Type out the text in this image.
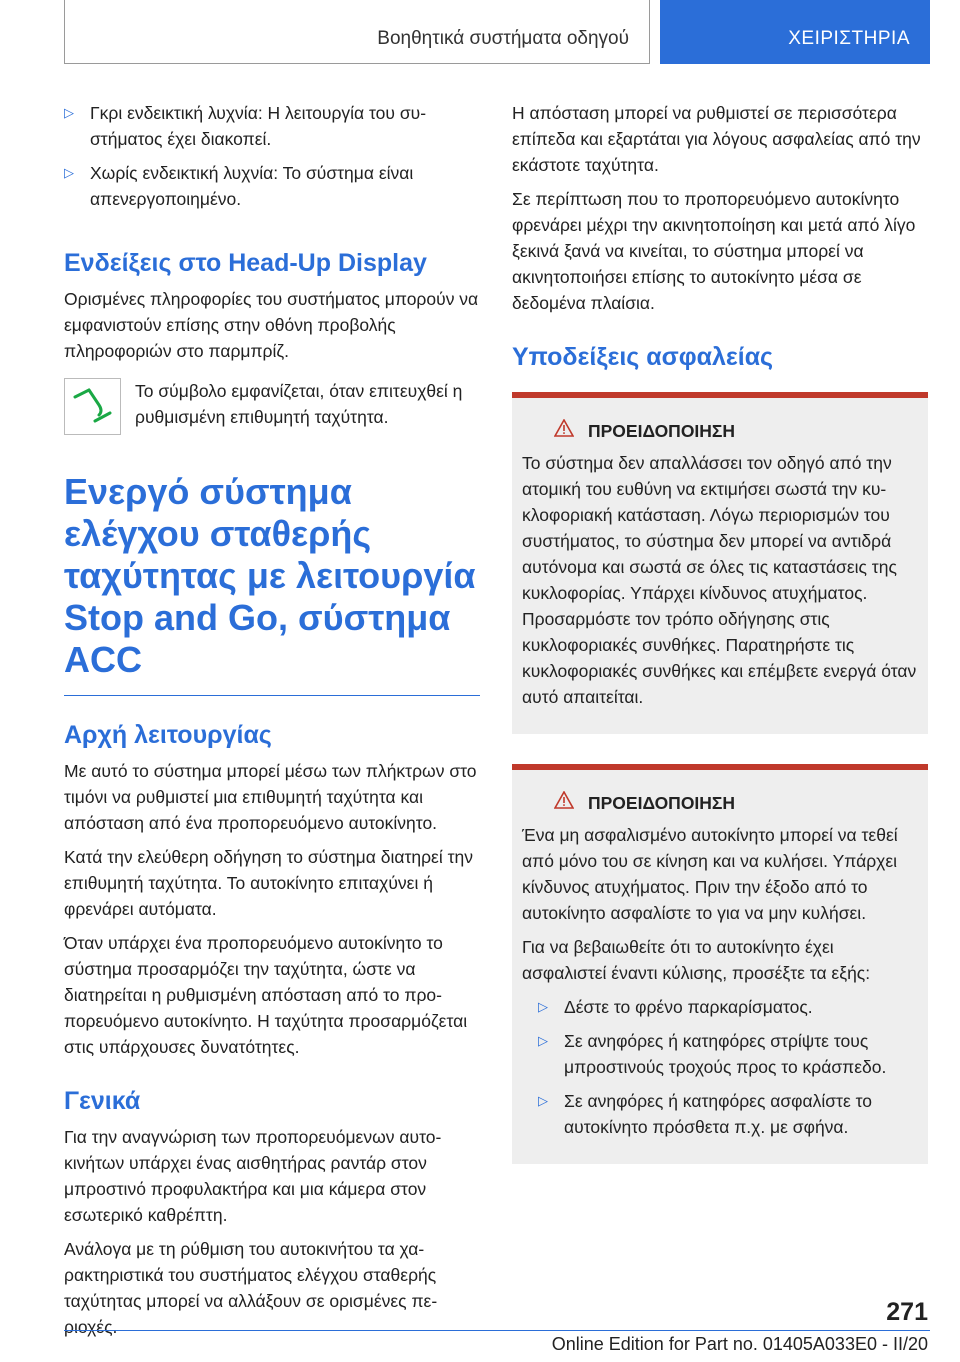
Βοηθητικά συστήματα οδηγού	ΧΕΙΡΙΣΤΗΡΙΑ
▷ Γκρι ενδεικτική λυχνία: Η λειτουργία του συστήματος έχει διακοπεί.
▷ Χωρίς ενδεικτική λυχνία: Το σύστημα είναι απενεργοποιημένο.
Ενδείξεις στο Head-Up Display

Ορισμένες πληροφορίες του συστήματος μπορούν να εμφανιστούν επίσης στην οθόνη προβολής πληροφοριών στο παρμπρίζ.

Το σύμβολο εμφανίζεται, όταν επιτευχθεί η ρυθμισμένη επιθυμητή ταχύτητα.
Ενεργό σύστημα ελέγχου σταθερής ταχύτητας με λειτουργία Stop and Go, σύστημα ACC
Αρχή λειτουργίας

Με αυτό το σύστημα μπορεί μέσω των πλήκτρων στο τιμόνι να ρυθμιστεί μια επιθυμητή ταχύτητα και απόσταση από ένα προπορευόμενο αυτοκίνητο.

Κατά την ελεύθερη οδήγηση το σύστημα διατηρεί την επιθυμητή ταχύτητα. Το αυτοκίνητο επιταχύνει ή φρενάρει αυτόματα.

Όταν υπάρχει ένα προπορευόμενο αυτοκίνητο το σύστημα προσαρμόζει την ταχύτητα, ώστε να διατηρείται η ρυθμισμένη απόσταση από το προπορευόμενο αυτοκίνητο. Η ταχύτητα προσαρμόζεται στις υπάρχουσες δυνατότητες.

Γενικά

Για την αναγνώριση των προπορευόμενων αυτοκινήτων υπάρχει ένας αισθητήρας ραντάρ στον μπροστινό προφυλακτήρα και μια κάμερα στον εσωτερικό καθρέπτη.

Ανάλογα με τη ρύθμιση του αυτοκινήτου τα χαρακτηριστικά του συστήματος ελέγχου σταθερής ταχύτητας μπορεί να αλλάξουν σε ορισμένες περιοχές.

Η απόσταση μπορεί να ρυθμιστεί σε περισσότερα επίπεδα και εξαρτάται για λόγους ασφαλείας από την εκάστοτε ταχύτητα.

Σε περίπτωση που το προπορευόμενο αυτοκίνητο φρενάρει μέχρι την ακινητοποίηση και μετά από λίγο ξεκινά ξανά να κινείται, το σύστημα μπορεί να ακινητοποιήσει επίσης το αυτοκίνητο μέσα σε δεδομένα πλαίσια.

Υποδείξεις ασφαλείας
ΠΡΟΕΙΔΟΠΟΙΗΣΗ

Το σύστημα δεν απαλλάσσει τον οδηγό από την ατομική του ευθύνη να εκτιμήσει σωστά την κυκλοφοριακή κατάσταση. Λόγω περιορισμών του συστήματος, το σύστημα δεν μπορεί να αντιδρά αυτόνομα και σωστά σε όλες τις καταστάσεις της κυκλοφορίας. Υπάρχει κίνδυνος ατυχήματος. Προσαρμόστε τον τρόπο οδήγησης στις κυκλοφοριακές συνθήκες. Παρατηρήστε τις κυκλοφοριακές συνθήκες και επέμβετε ενεργά όταν αυτό απαιτείται.

ΠΡΟΕΙΔΟΠΟΙΗΣΗ

Ένα μη ασφαλισμένο αυτοκίνητο μπορεί να τεθεί από μόνο του σε κίνηση και να κυλήσει. Υπάρχει κίνδυνος ατυχήματος. Πριν την έξοδο από το αυτοκίνητο ασφαλίστε το για να μην κυλήσει.

Για να βεβαιωθείτε ότι το αυτοκίνητο έχει ασφαλιστεί έναντι κύλισης, προσέξτε τα εξής:

▷ Δέστε το φρένο παρκαρίσματος.
▷ Σε ανηφόρες ή κατηφόρες στρίψτε τους μπροστινούς τροχούς προς το κράσπεδο.
▷ Σε ανηφόρες ή κατηφόρες ασφαλίστε το αυτοκίνητο πρόσθετα π.χ. με σφήνα.
271
Online Edition for Part no. 01405A033E0 - II/20
